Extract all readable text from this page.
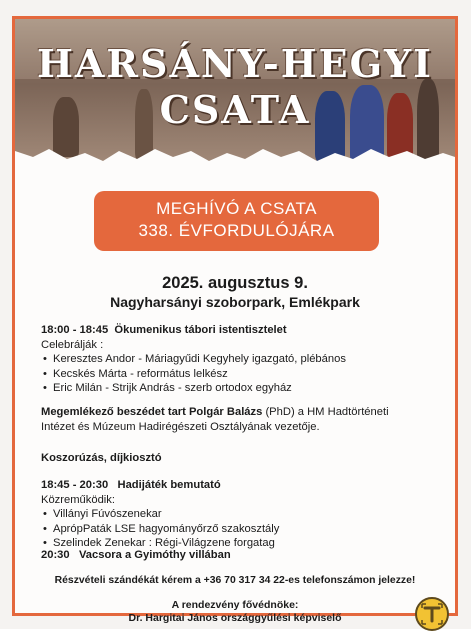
HARSÁNY-HEGYI
CSATA
MEGHÍVÓ A CSATA
338. ÉVFORDULÓJÁRA
2025. augusztus 9.
Nagyharsányi szoborpark, Emlékpark
18:00 - 18:45 Ökumenikus tábori istentisztelet
Celebrálják :
• Keresztes Andor - Máriagyűdi Kegyhely igazgató, plébános
• Kecskés Márta - református lelkész
• Eric Milán - Strijk András - szerb ortodox egyház
Megemlékező beszédet tart Polgár Balázs (PhD) a HM Hadtörténeti
Intézet és Múzeum Hadirégészeti Osztályának vezetője.
Koszorúzás, díjkiosztó
18:45 - 20:30 Hadijáték bemutató
Közreműködik:
• Villányi Fúvószenekar
• AprópPaták LSE hagyományőrző szakosztály
• Szelindek Zenekar : Régi-Világzene forgatag
20:30 Vacsora a Gyimóthy villában
Részvételi szándékát kérem a +36 70 317 34 22-es telefonszámon jelezze!
A rendezvény fővédnöke:
Dr. Hargitai János országgyűlési képviselő
